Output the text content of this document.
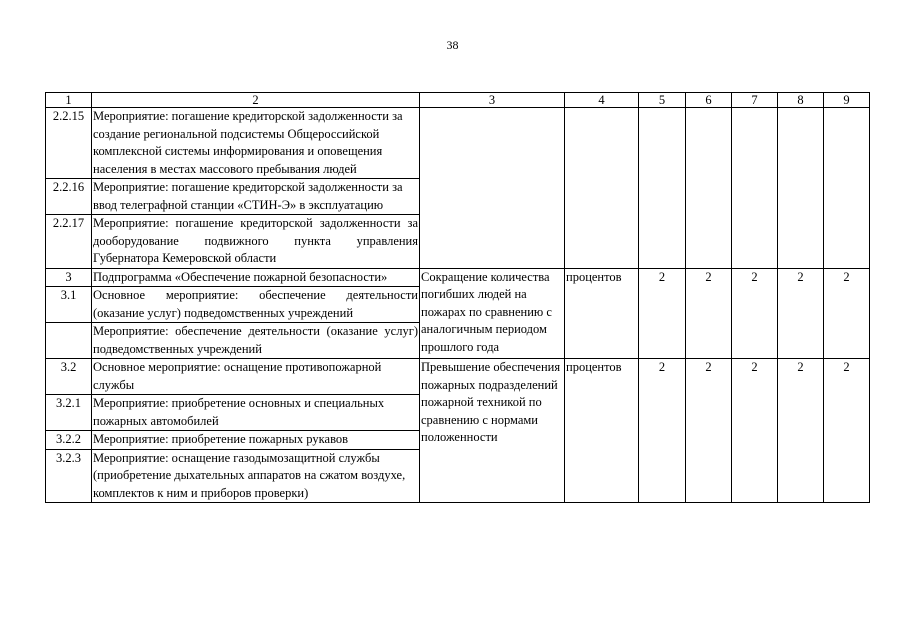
38
1	2	3	4	5	6	7	8	9
2.2.15	Мероприятие: погашение кредиторской задолженности за создание региональной подсистемы Общероссийской комплексной системы информирования и оповещения населения в местах массового пребывания людей							
2.2.16	Мероприятие: погашение кредиторской задолженности за ввод телеграфной станции «СТИН-Э» в эксплуатацию							
2.2.17	Мероприятие: погашение кредиторской задолженности за дооборудование подвижного пункта управления Губернатора Кемеровской области							
3	Подпрограмма «Обеспечение пожарной безопасности»	Сокращение количества погибших людей на пожарах по сравнению с аналогичным периодом прошлого года	процентов	2	2	2	2	2
3.1	Основное мероприятие: обеспечение деятельности (оказание услуг) подведомственных учреждений							
	Мероприятие: обеспечение деятельности (оказание услуг) подведомственных учреждений							
3.2	Основное мероприятие: оснащение противопожарной службы	Превышение обеспечения пожарных подразделений пожарной техникой по сравнению с нормами положенности	процентов	2	2	2	2	2
3.2.1	Мероприятие: приобретение основных и специальных пожарных автомобилей							
3.2.2	Мероприятие: приобретение пожарных рукавов							
3.2.3	Мероприятие: оснащение газодымозащитной службы (приобретение дыхательных аппаратов на сжатом воздухе, комплектов к ним и приборов проверки)							
